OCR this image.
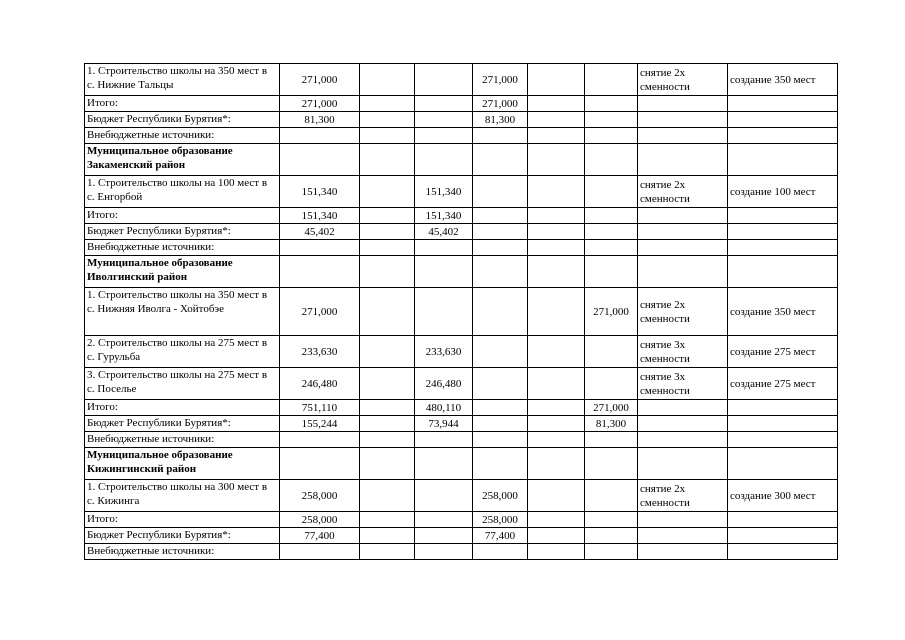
1. Строительство школы на 350 мест в с. Нижние Тальцы	271,000			271,000			снятие 2х сменности	создание 350 мест
Итого:	271,000			271,000				
Бюджет Республики Бурятия*:	81,300			81,300				
Внебюджетные источники:								
Муниципальное образование Закаменский район								
1. Строительство школы на 100 мест в с. Енгорбой	151,340		151,340				снятие 2х сменности	создание 100 мест
Итого:	151,340		151,340					
Бюджет Республики Бурятия*:	45,402		45,402					
Внебюджетные источники:								
Муниципальное образование Иволгинский район								
1. Строительство школы на 350 мест в с. Нижняя Иволга - Хойтобэе	271,000					271,000	снятие 2х сменности	создание 350 мест
2. Строительство школы на 275 мест в с. Гурульба	233,630		233,630				снятие 3х сменности	создание 275 мест
3. Строительство школы на 275 мест в с. Поселье	246,480		246,480				снятие 3х сменности	создание 275 мест
Итого:	751,110		480,110			271,000		
Бюджет Республики Бурятия*:	155,244		73,944			81,300		
Внебюджетные источники:								
Муниципальное образование Кижингинский район								
1. Строительство школы на 300 мест в с. Кижинга	258,000			258,000			снятие 2х сменности	создание 300 мест
Итого:	258,000			258,000				
Бюджет Республики Бурятия*:	77,400			77,400				
Внебюджетные источники:								
